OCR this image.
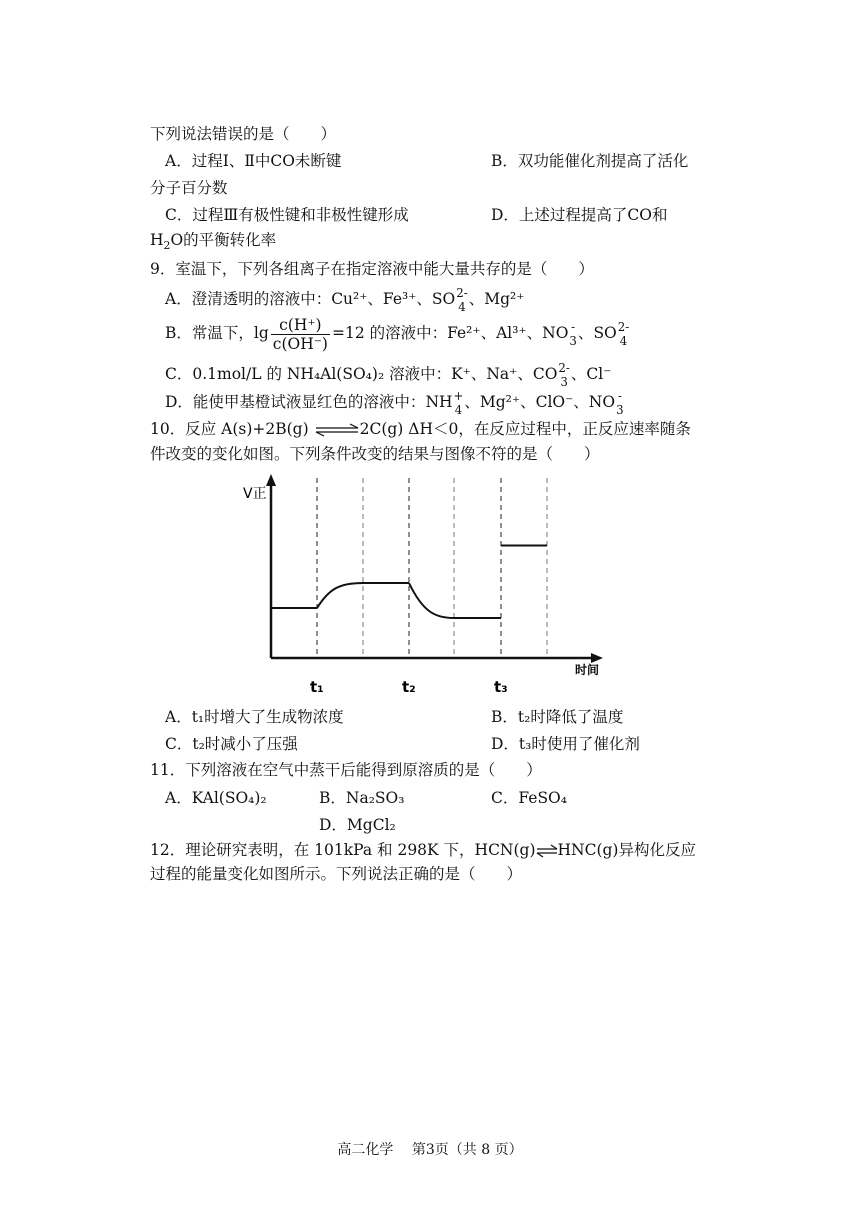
下列说法错误的是（　　）
A．过程Ⅰ、Ⅱ中CO未断键	B．双功能催化剂提高了活化
分子百分数
C．过程Ⅲ有极性键和非极性键形成	D．上述过程提高了CO和
$H_2O$的平衡转化率
9．室温下，下列各组离子在指定溶液中能大量共存的是（　　）
A．澄清透明的溶液中：Cu²⁺、Fe³⁺、SO 2-
4 、Mg²⁺
B．常温下，$\lg \frac{c(H^+)}{c(OH^-)} =12$ 的溶液中：Fe²⁺、Al³⁺、NO -
3 、SO 2-
4
C．0.1mol/L 的 NH₄Al(SO₄)₂ 溶液中：K⁺、Na⁺、CO 2-
3 、Cl⁻
D．能使甲基橙试液显红色的溶液中：NH +
4 、Mg²⁺、ClO⁻、NO -
3
10．反应 A(s)+2B(g) ⇌2C(g) ΔH＜0，在反应过程中，正反应速率随条
件改变的变化如图。下列条件改变的结果与图像不符的是（　　）
V正
时间
t₁	t₂	t₃
A．t₁时增大了生成物浓度	B．t₂时降低了温度
C．t₂时减小了压强	D．t₃时使用了催化剂
11．下列溶液在空气中蒸干后能得到原溶质的是（　　）
A．KAl(SO₄)₂	B．Na₂SO₃	C．FeSO₄
D．MgCl₂
12．理论研究表明，在 101kPa 和 298K 下，HCN(g)⇌HNC(g)异构化反应
过程的能量变化如图所示。下列说法正确的是（　　）
高二化学　 第3页（共 8 页）
